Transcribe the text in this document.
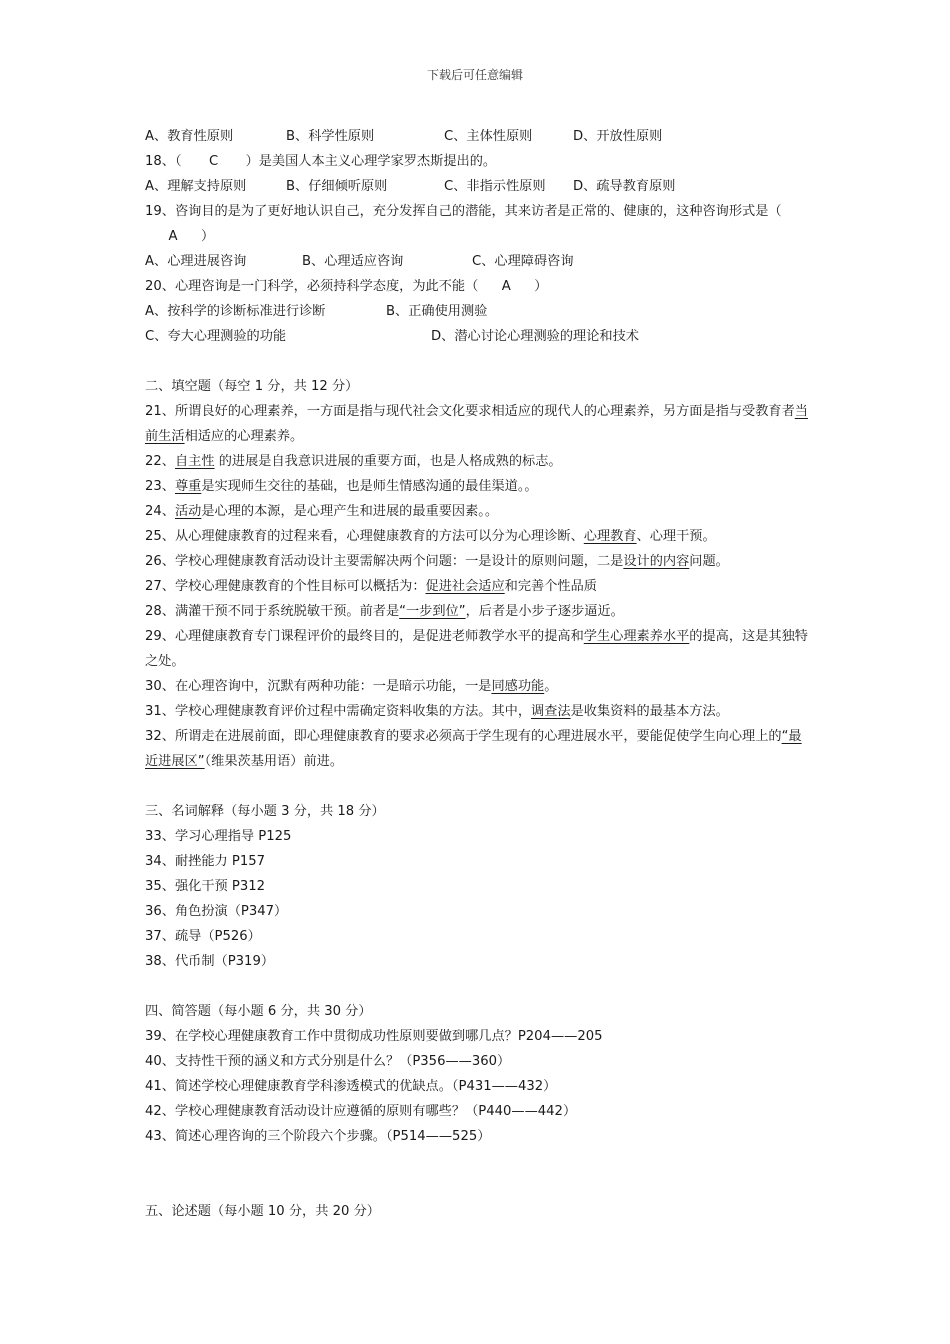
下载后可任意编辑
A、教育性原则	B、科学性原则	C、主体性原则	D、开放性原则
18、（ C ）是美国人本主义心理学家罗杰斯提出的。
A、理解支持原则	B、仔细倾听原则	C、非指示性原则 D、疏导教育原则
19、咨询目的是为了更好地认识自己，充分发挥自己的潜能，其来访者是正常的、健康的，这种咨询形式是（A ）
A、心理进展咨询	B、心理适应咨询	C、心理障碍咨询
20、心理咨询是一门科学，必须持科学态度，为此不能（ A ）
A、按科学的诊断标准进行诊断	B、正确使用测验
C、夸大心理测验的功能	D、潜心讨论心理测验的理论和技术
二、填空题（每空 1 分，共 12 分）
21、所谓良好的心理素养，一方面是指与现代社会文化要求相适应的现代人的心理素养，另方面是指与受教育者当前生活相适应的心理素养。
22、自主性 的进展是自我意识进展的重要方面，也是人格成熟的标志。
23、尊重是实现师生交往的基础，也是师生情感沟通的最佳渠道。。
24、活动是心理的本源，是心理产生和进展的最重要因素。。
25、从心理健康教育的过程来看，心理健康教育的方法可以分为心理诊断、心理教育、心理干预。
26、学校心理健康教育活动设计主要需解决两个问题：一是设计的原则问题，二是设计的内容问题。
27、学校心理健康教育的个性目标可以概括为：促进社会适应和完善个性品质
28、满灌干预不同于系统脱敏干预。前者是“一步到位”，后者是小步子逐步逼近。
29、心理健康教育专门课程评价的最终目的，是促进老师教学水平的提高和学生心理素养水平的提高，这是其独特之处。
30、在心理咨询中，沉默有两种功能：一是暗示功能，一是同感功能。
31、学校心理健康教育评价过程中需确定资料收集的方法。其中，调查法是收集资料的最基本方法。
32、所谓走在进展前面，即心理健康教育的要求必须高于学生现有的心理进展水平，要能促使学生向心理上的“最近进展区”（维果茨基用语）前进。
三、名词解释（每小题 3 分，共 18 分）
33、学习心理指导 P125
34、耐挫能力 P157
35、强化干预 P312
36、角色扮演（P347）
37、疏导（P526）
38、代币制（P319）
四、简答题（每小题 6 分，共 30 分）
39、在学校心理健康教育工作中贯彻成功性原则要做到哪几点？P204——205
40、支持性干预的涵义和方式分别是什么？（P356——360）
41、简述学校心理健康教育学科渗透模式的优缺点。（P431——432）
42、学校心理健康教育活动设计应遵循的原则有哪些？（P440——442）
43、简述心理咨询的三个阶段六个步骤。（P514——525）
五、论述题（每小题 10 分，共 20 分）
